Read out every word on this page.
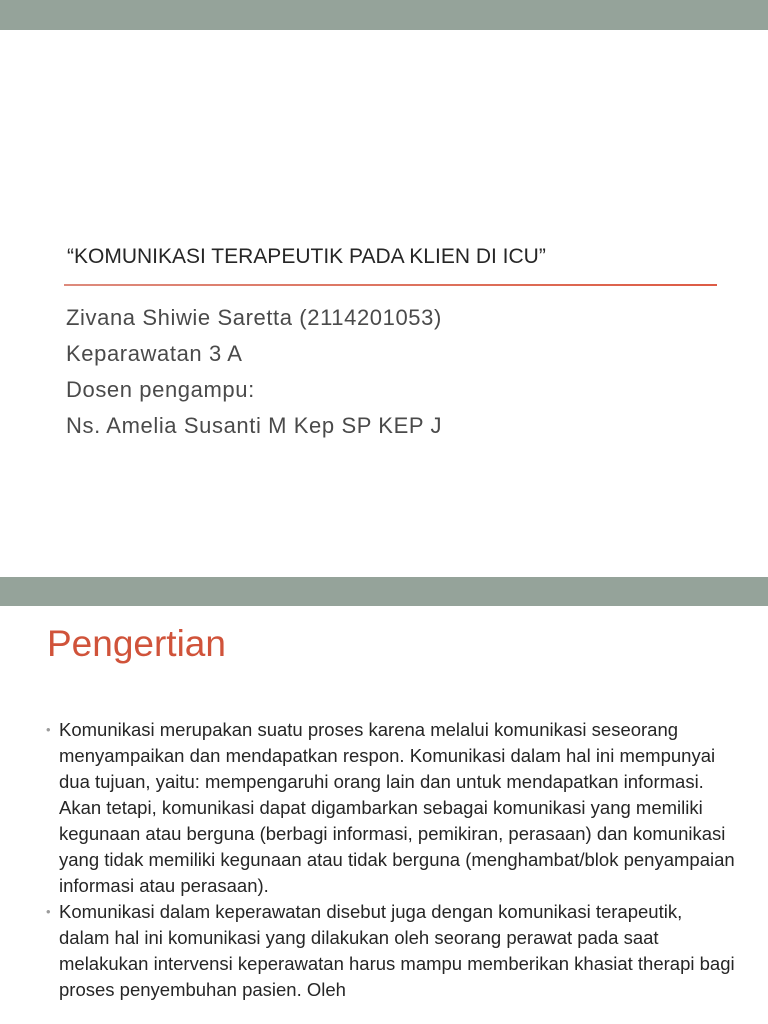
“KOMUNIKASI TERAPEUTIK PADA KLIEN DI ICU”
Zivana Shiwie Saretta (2114201053)
Keparawatan 3 A
Dosen pengampu:
Ns. Amelia Susanti M Kep SP KEP J
Pengertian
• Komunikasi merupakan suatu proses karena melalui komunikasi seseorang menyampaikan dan mendapatkan respon. Komunikasi dalam hal ini mempunyai dua tujuan, yaitu: mempengaruhi orang lain dan untuk mendapatkan informasi. Akan tetapi, komunikasi dapat digambarkan sebagai komunikasi yang memiliki kegunaan atau berguna (berbagi informasi, pemikiran, perasaan) dan komunikasi yang tidak memiliki kegunaan atau tidak berguna (menghambat/blok penyampaian informasi atau perasaan).
• Komunikasi dalam keperawatan disebut juga dengan komunikasi terapeutik, dalam hal ini komunikasi yang dilakukan oleh seorang perawat pada saat melakukan intervensi keperawatan harus mampu memberikan khasiat therapi bagi proses penyembuhan pasien. Oleh
